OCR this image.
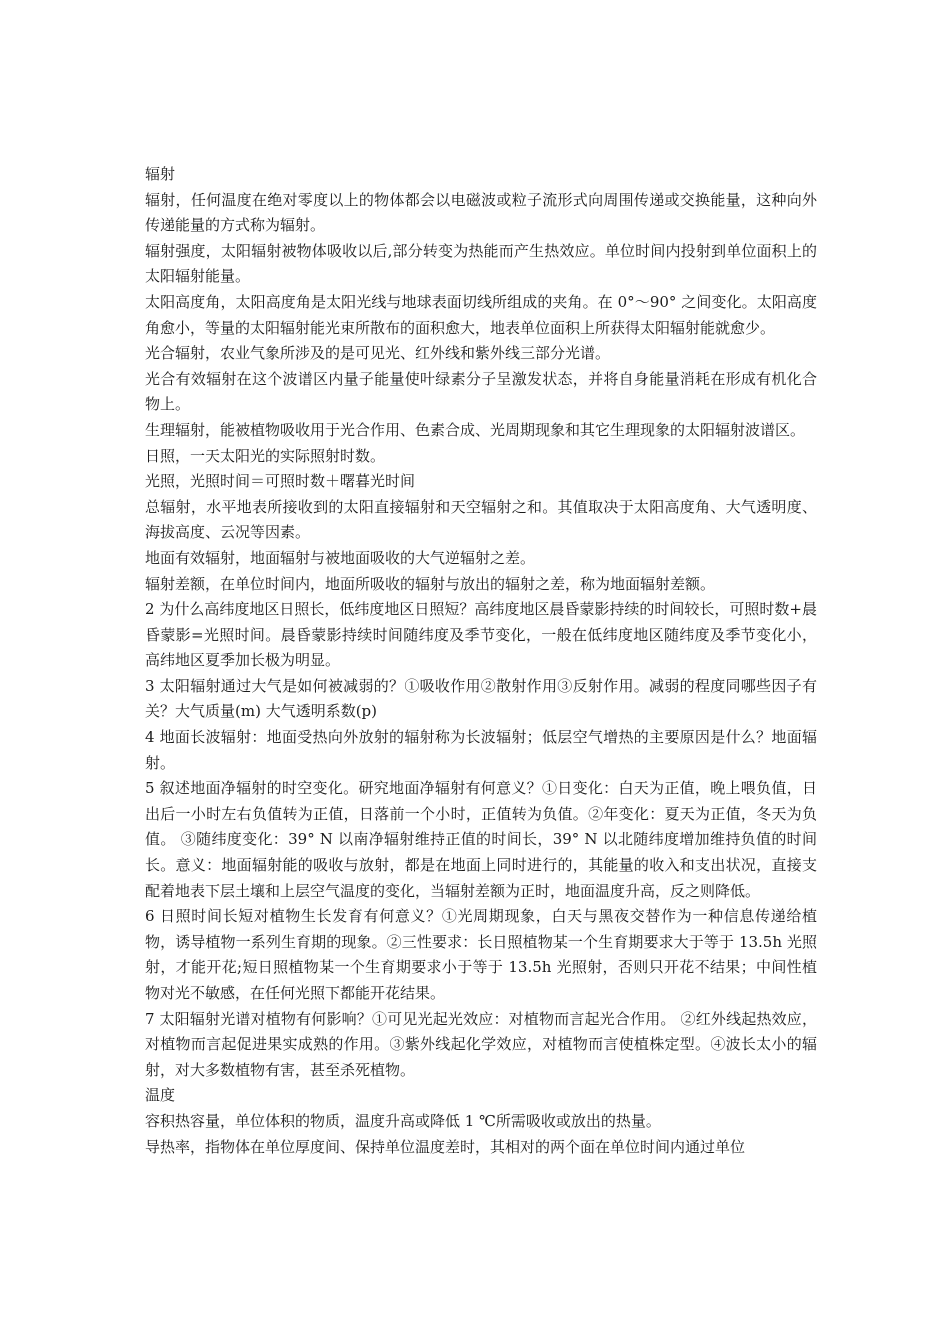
辐射

辐射，任何温度在绝对零度以上的物体都会以电磁波或粒子流形式向周围传递或交换能量，这种向外传递能量的方式称为辐射。

辐射强度，太阳辐射被物体吸收以后,部分转变为热能而产生热效应。单位时间内投射到单位面积上的太阳辐射能量。

太阳高度角，太阳高度角是太阳光线与地球表面切线所组成的夹角。在 0°～90° 之间变化。太阳高度角愈小，等量的太阳辐射能光束所散布的面积愈大，地表单位面积上所获得太阳辐射能就愈少。

光合辐射，农业气象所涉及的是可见光、红外线和紫外线三部分光谱。

光合有效辐射在这个波谱区内量子能量使叶绿素分子呈激发状态，并将自身能量消耗在形成有机化合物上。

生理辐射，能被植物吸收用于光合作用、色素合成、光周期现象和其它生理现象的太阳辐射波谱区。

日照，一天太阳光的实际照射时数。

光照，光照时间＝可照时数＋曙暮光时间

总辐射，水平地表所接收到的太阳直接辐射和天空辐射之和。其值取决于太阳高度角、大气透明度、海拔高度、云况等因素。

地面有效辐射，地面辐射与被地面吸收的大气逆辐射之差。

辐射差额，在单位时间内，地面所吸收的辐射与放出的辐射之差，称为地面辐射差额。

2 为什么高纬度地区日照长，低纬度地区日照短？高纬度地区晨昏蒙影持续的时间较长，可照时数+晨昏蒙影=光照时间。晨昏蒙影持续时间随纬度及季节变化，一般在低纬度地区随纬度及季节变化小，高纬地区夏季加长极为明显。

3 太阳辐射通过大气是如何被减弱的？①吸收作用②散射作用③反射作用。减弱的程度同哪些因子有关？大气质量(m) 大气透明系数(p)

4 地面长波辐射：地面受热向外放射的辐射称为长波辐射；低层空气增热的主要原因是什么？地面辐射。

5 叙述地面净辐射的时空变化。研究地面净辐射有何意义？①日变化：白天为正值，晚上喂负值，日出后一小时左右负值转为正值，日落前一个小时，正值转为负值。②年变化：夏天为正值，冬天为负值。 ③随纬度变化：39° N 以南净辐射维持正值的时间长，39° N 以北随纬度增加维持负值的时间长。意义：地面辐射能的吸收与放射，都是在地面上同时进行的，其能量的收入和支出状况，直接支配着地表下层土壤和上层空气温度的变化，当辐射差额为正时，地面温度升高，反之则降低。

6 日照时间长短对植物生长发育有何意义？①光周期现象，白天与黑夜交替作为一种信息传递给植物，诱导植物一系列生育期的现象。②三性要求：长日照植物某一个生育期要求大于等于 13.5h 光照射，才能开花;短日照植物某一个生育期要求小于等于 13.5h 光照射，否则只开花不结果；中间性植物对光不敏感，在任何光照下都能开花结果。

7 太阳辐射光谱对植物有何影响？①可见光起光效应：对植物而言起光合作用。 ②红外线起热效应，对植物而言起促进果实成熟的作用。③紫外线起化学效应，对植物而言使植株定型。④波长太小的辐射，对大多数植物有害，甚至杀死植物。

温度

容积热容量，单位体积的物质，温度升高或降低 1 ℃所需吸收或放出的热量。

导热率，指物体在单位厚度间、保持单位温度差时，其相对的两个面在单位时间内通过单位
